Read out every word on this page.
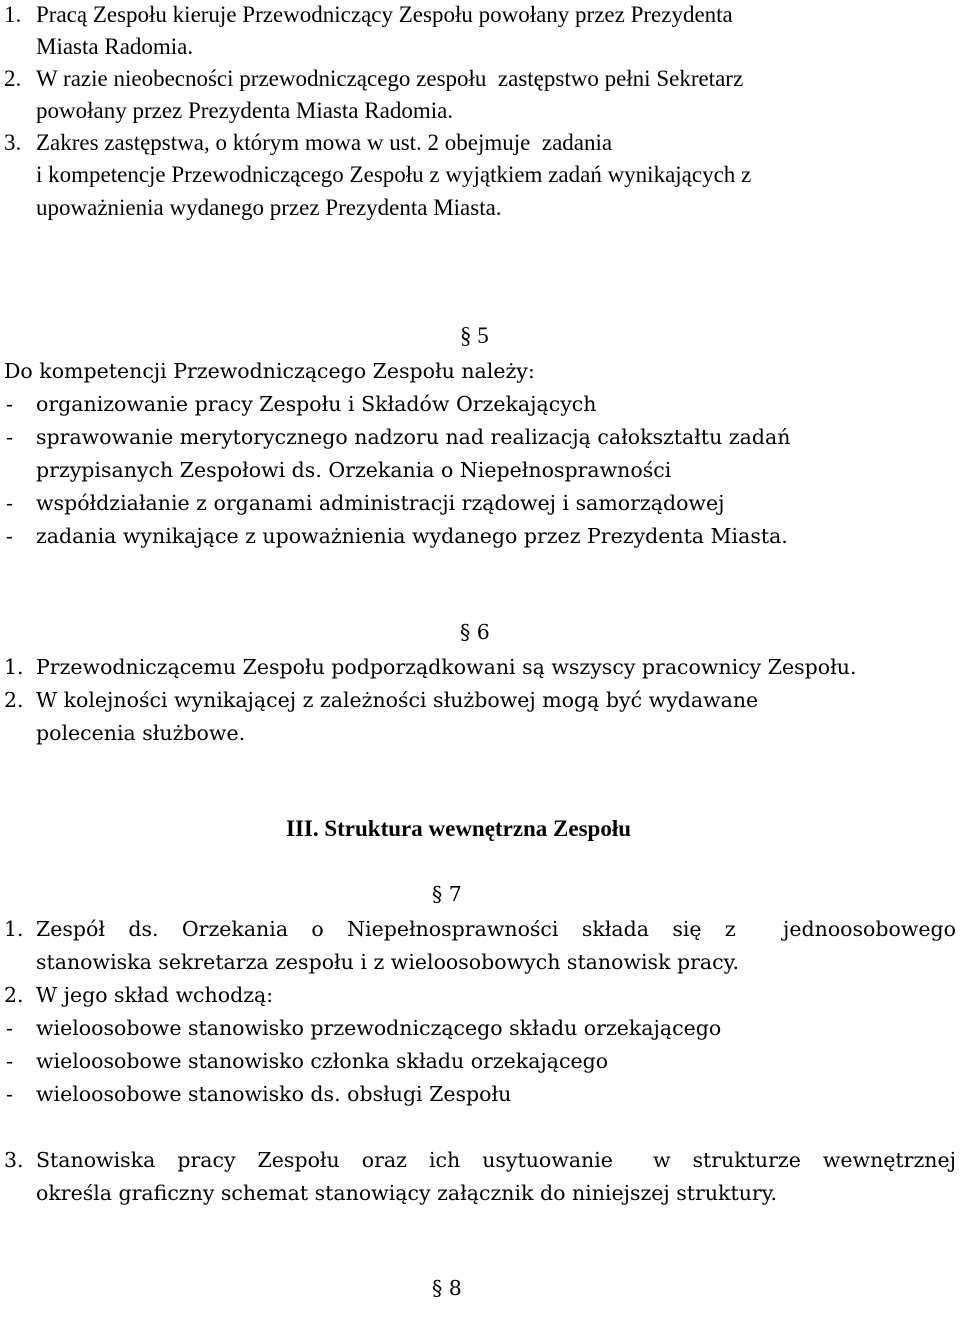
1.

Pracą Zespołu kieruje Przewodniczący Zespołu powołany przez Prezydenta

Miasta Radomia.

2.

W razie nieobecności przewodniczącego zespołu  zastępstwo pełni Sekretarz

powołany przez Prezydenta Miasta Radomia.

3.

Zakres zastępstwa, o którym mowa w ust. 2 obejmuje  zadania

i kompetencje Przewodniczącego Zespołu z wyjątkiem zadań wynikających z

upoważnienia wydanego przez Prezydenta Miasta.

§ 5

Do kompetencji Przewodniczącego Zespołu należy:

-

organizowanie pracy Zespołu i Składów Orzekających

-

sprawowanie merytorycznego nadzoru nad realizacją całokształtu zadań

przypisanych Zespołowi ds. Orzekania o Niepełnosprawności

-

współdziałanie z organami administracji rządowej i samorządowej

-

zadania wynikające z upoważnienia wydanego przez Prezydenta Miasta.

§ 6

1.

Przewodniczącemu Zespołu podporządkowani są wszyscy pracownicy Zespołu.

2.

W kolejności wynikającej z zależności służbowej mogą być wydawane

polecenia służbowe.

III. Struktura wewnętrzna Zespołu

§ 7

1.

Zespół ds. Orzekania o Niepełnosprawności składa się z jednoosobowego

stanowiska sekretarza zespołu i z wieloosobowych stanowisk pracy.

2.

W jego skład wchodzą:

-

wieloosobowe stanowisko przewodniczącego składu orzekającego

-

wieloosobowe stanowisko członka składu orzekającego

-

wieloosobowe stanowisko ds. obsługi Zespołu

3.

Stanowiska pracy Zespołu oraz ich usytuowanie w strukturze wewnętrznej

określa graficzny schemat stanowiący załącznik do niniejszej struktury.

§ 8
